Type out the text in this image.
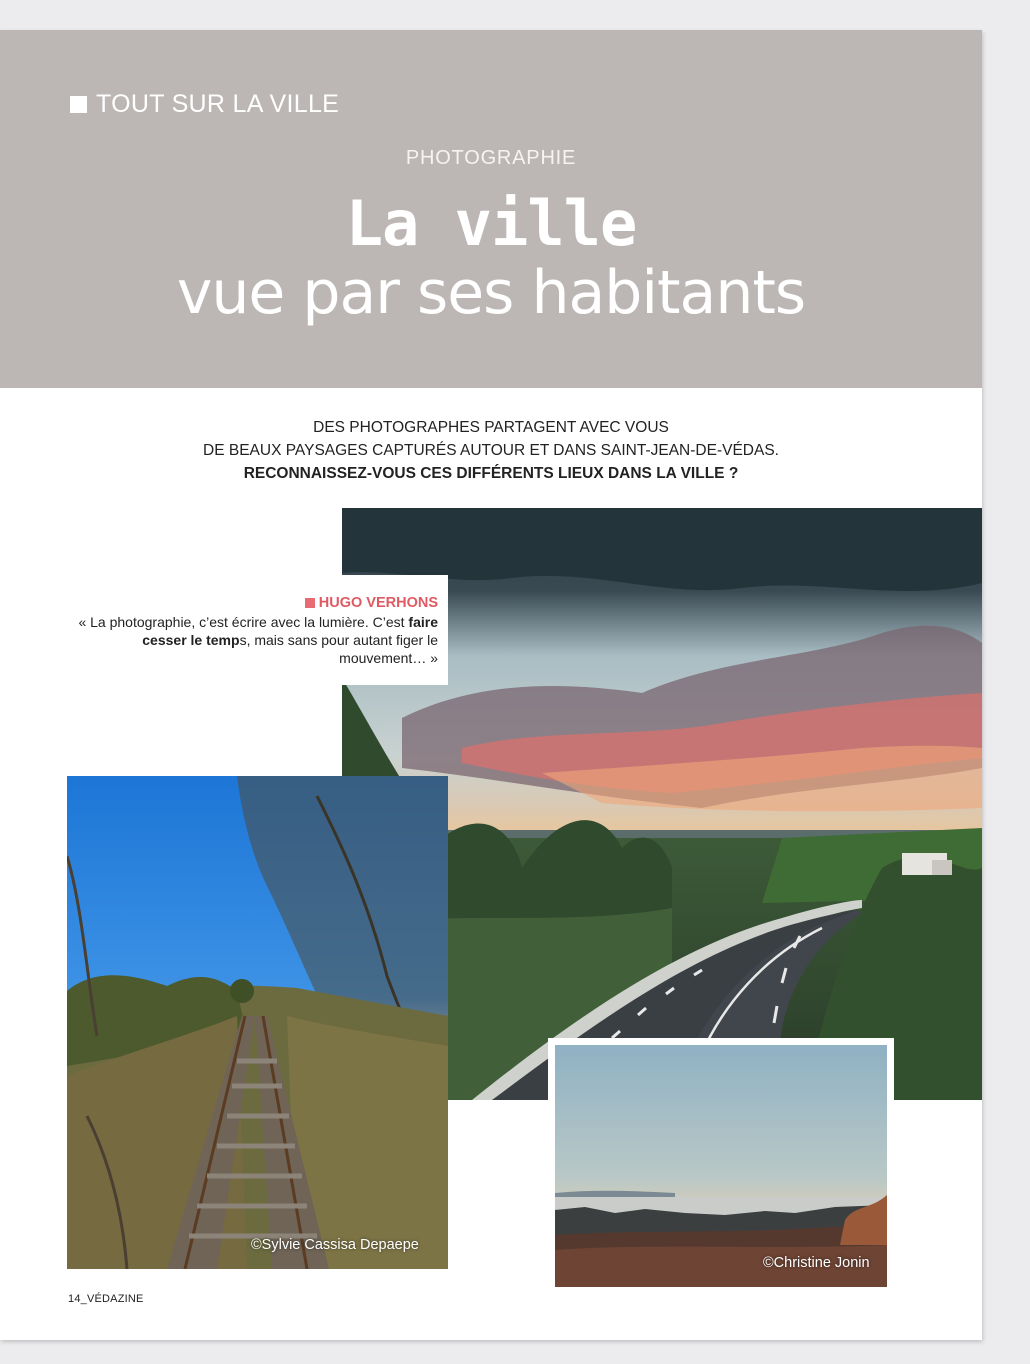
TOUT SUR LA VILLE
PHOTOGRAPHIE
La ville
vue par ses habitants
DES PHOTOGRAPHES PARTAGENT AVEC VOUS
DE BEAUX PAYSAGES CAPTURÉS AUTOUR ET DANS SAINT-JEAN-DE-VÉDAS.
RECONNAISSEZ-VOUS CES DIFFÉRENTS LIEUX DANS LA VILLE ?
©Sylvie Cassisa Depaepe
©Christine Jonin
HUGO VERHONS
« La photographie, c’est écrire avec la lumière. C’est faire cesser le temps, mais sans pour autant figer le mouvement… »
14_VÉDAZINE
